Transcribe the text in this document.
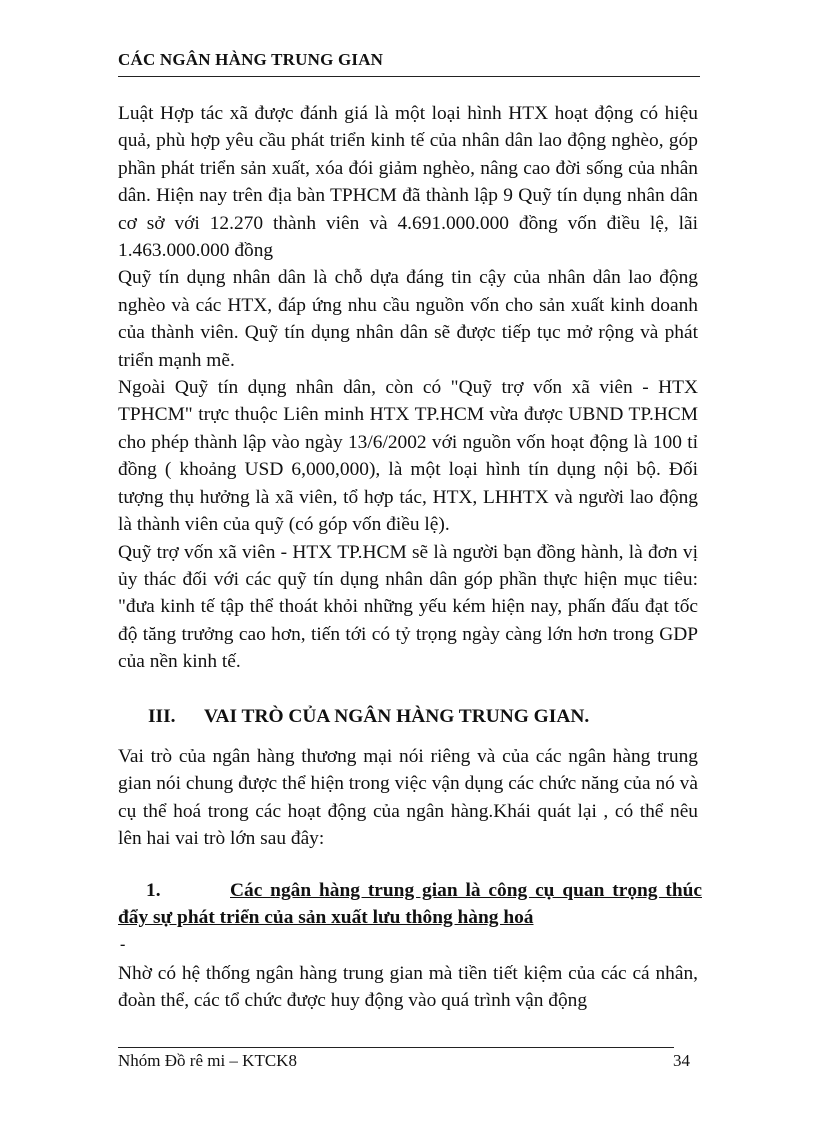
CÁC NGÂN HÀNG TRUNG GIAN

Luật Hợp tác xã được đánh giá là một loại hình HTX hoạt động có hiệu quả, phù hợp yêu cầu phát triển kinh tế của nhân dân lao động nghèo, góp phần phát triển sản xuất, xóa đói giảm nghèo, nâng cao đời sống của nhân dân. Hiện nay trên địa bàn TPHCM đã thành lập 9 Quỹ tín dụng nhân dân cơ sở với 12.270 thành viên và 4.691.000.000 đồng vốn điều lệ, lãi 1.463.000.000 đồng

Quỹ tín dụng nhân dân là chỗ dựa đáng tin cậy của nhân dân lao động nghèo và các HTX, đáp ứng nhu cầu nguồn vốn cho sản xuất kinh doanh của thành viên. Quỹ tín dụng nhân dân sẽ được tiếp tục mở rộng và phát triển mạnh mẽ.

Ngoài Quỹ tín dụng nhân dân, còn có "Quỹ trợ vốn xã viên - HTX TPHCM" trực thuộc Liên minh HTX TP.HCM vừa được UBND TP.HCM cho phép thành lập vào ngày 13/6/2002 với nguồn vốn hoạt động là 100 tỉ đồng ( khoảng USD 6,000,000), là một loại hình tín dụng nội bộ. Đối tượng thụ hưởng là xã viên, tổ hợp tác, HTX, LHHTX và người lao động là thành viên của quỹ (có góp vốn điều lệ).

Quỹ trợ vốn xã viên - HTX TP.HCM sẽ là người bạn đồng hành, là đơn vị ủy thác đối với các quỹ tín dụng nhân dân góp phần thực hiện mục tiêu: "đưa kinh tế tập thể thoát khỏi những yếu kém hiện nay, phấn đấu đạt tốc độ tăng trưởng cao hơn, tiến tới có tỷ trọng ngày càng lớn hơn trong GDP của nền kinh tế.

III. VAI TRÒ CỦA NGÂN HÀNG TRUNG GIAN.
Vai trò của ngân hàng thương mại nói riêng và của các ngân hàng trung gian nói chung được thể hiện trong việc vận dụng các chức năng của nó và cụ thể hoá trong các hoạt động của ngân hàng.Khái quát lại , có thể nêu lên hai vai trò lớn sau đây:
1.	Các ngân hàng trung gian là công cụ quan trọng thúc đẩy sự phát triển của sản xuất lưu thông hàng hoá
-
Nhờ có hệ thống ngân hàng trung gian mà tiền tiết kiệm của các cá nhân, đoàn thể, các tổ chức được huy động vào quá trình vận động
Nhóm Đồ rê mi – KTCK8	34
